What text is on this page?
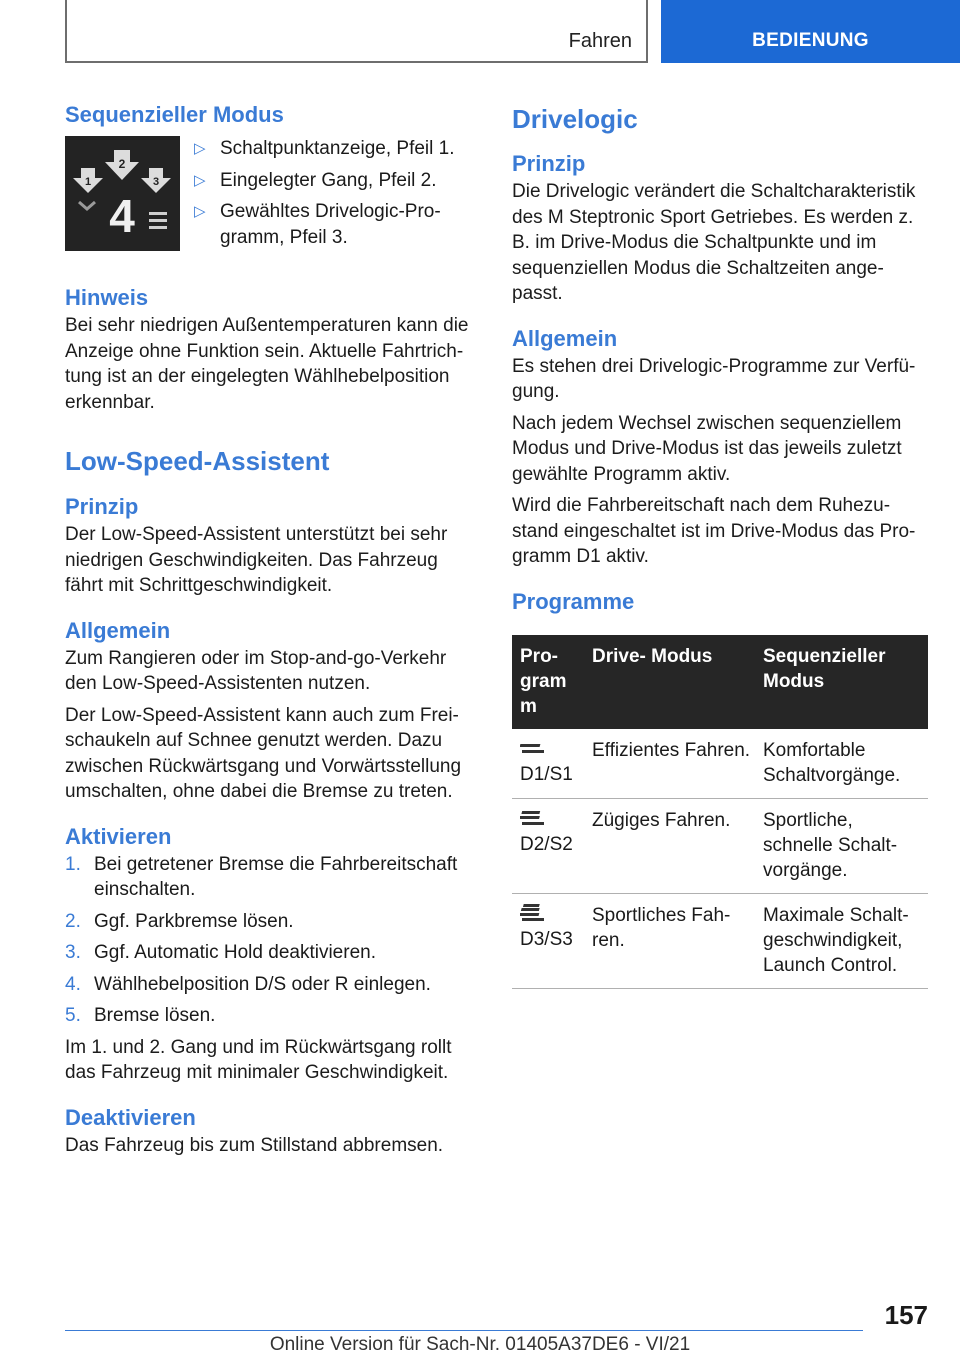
Fahren	BEDIENUNG
Sequenzieller Modus
1
2
3
4
▷ Schaltpunktanzeige, Pfeil 1.
▷ Eingelegter Gang, Pfeil 2.
▷ Gewähltes Drivelogic-Pro-gramm, Pfeil 3.
Hinweis

Bei sehr niedrigen Außentemperaturen kann die Anzeige ohne Funktion sein. Aktuelle Fahrtrich-tung ist an der eingelegten Wählhebelposition erkennbar.

Low-Speed-Assistent
Prinzip

Der Low-Speed-Assistent unterstützt bei sehr niedrigen Geschwindigkeiten. Das Fahrzeug fährt mit Schrittgeschwindigkeit.

Allgemein

Zum Rangieren oder im Stop-and-go-Verkehr den Low-Speed-Assistenten nutzen.

Der Low-Speed-Assistent kann auch zum Frei-schaukeln auf Schnee genutzt werden. Dazu zwischen Rückwärtsgang und Vorwärtsstellung umschalten, ohne dabei die Bremse zu treten.

Aktivieren
1. Bei getretener Bremse die Fahrbereitschaft einschalten.
2. Ggf. Parkbremse lösen.
3. Ggf. Automatic Hold deaktivieren.
4. Wählhebelposition D/S oder R einlegen.
5. Bremse lösen.

Im 1. und 2. Gang und im Rückwärtsgang rollt das Fahrzeug mit minimaler Geschwindigkeit.

Deaktivieren

Das Fahrzeug bis zum Stillstand abbremsen.

Drivelogic
Prinzip

Die Drivelogic verändert die Schaltcharakteristik des M Steptronic Sport Getriebes. Es werden z. B. im Drive-Modus die Schaltpunkte und im sequenziellen Modus die Schaltzeiten ange-passt.

Allgemein

Es stehen drei Drivelogic-Programme zur Verfü-gung.

Nach jedem Wechsel zwischen sequenziellem Modus und Drive-Modus ist das jeweils zuletzt gewählte Programm aktiv.

Wird die Fahrbereitschaft nach dem Ruhezu-stand eingeschaltet ist im Drive-Modus das Pro-gramm D1 aktiv.

Programme
Pro-gram m	Drive- Modus	Sequenzieller Modus

D1/S1	Effizientes Fahren.	Komfortable Schaltvorgänge.

D2/S2	Zügiges Fahren.	Sportliche, schnelle Schalt-vorgänge.

D3/S3	Sportliches Fah-ren.	Maximale Schalt-geschwindigkeit, Launch Control.
157
Online Version für Sach-Nr. 01405A37DE6 - VI/21
